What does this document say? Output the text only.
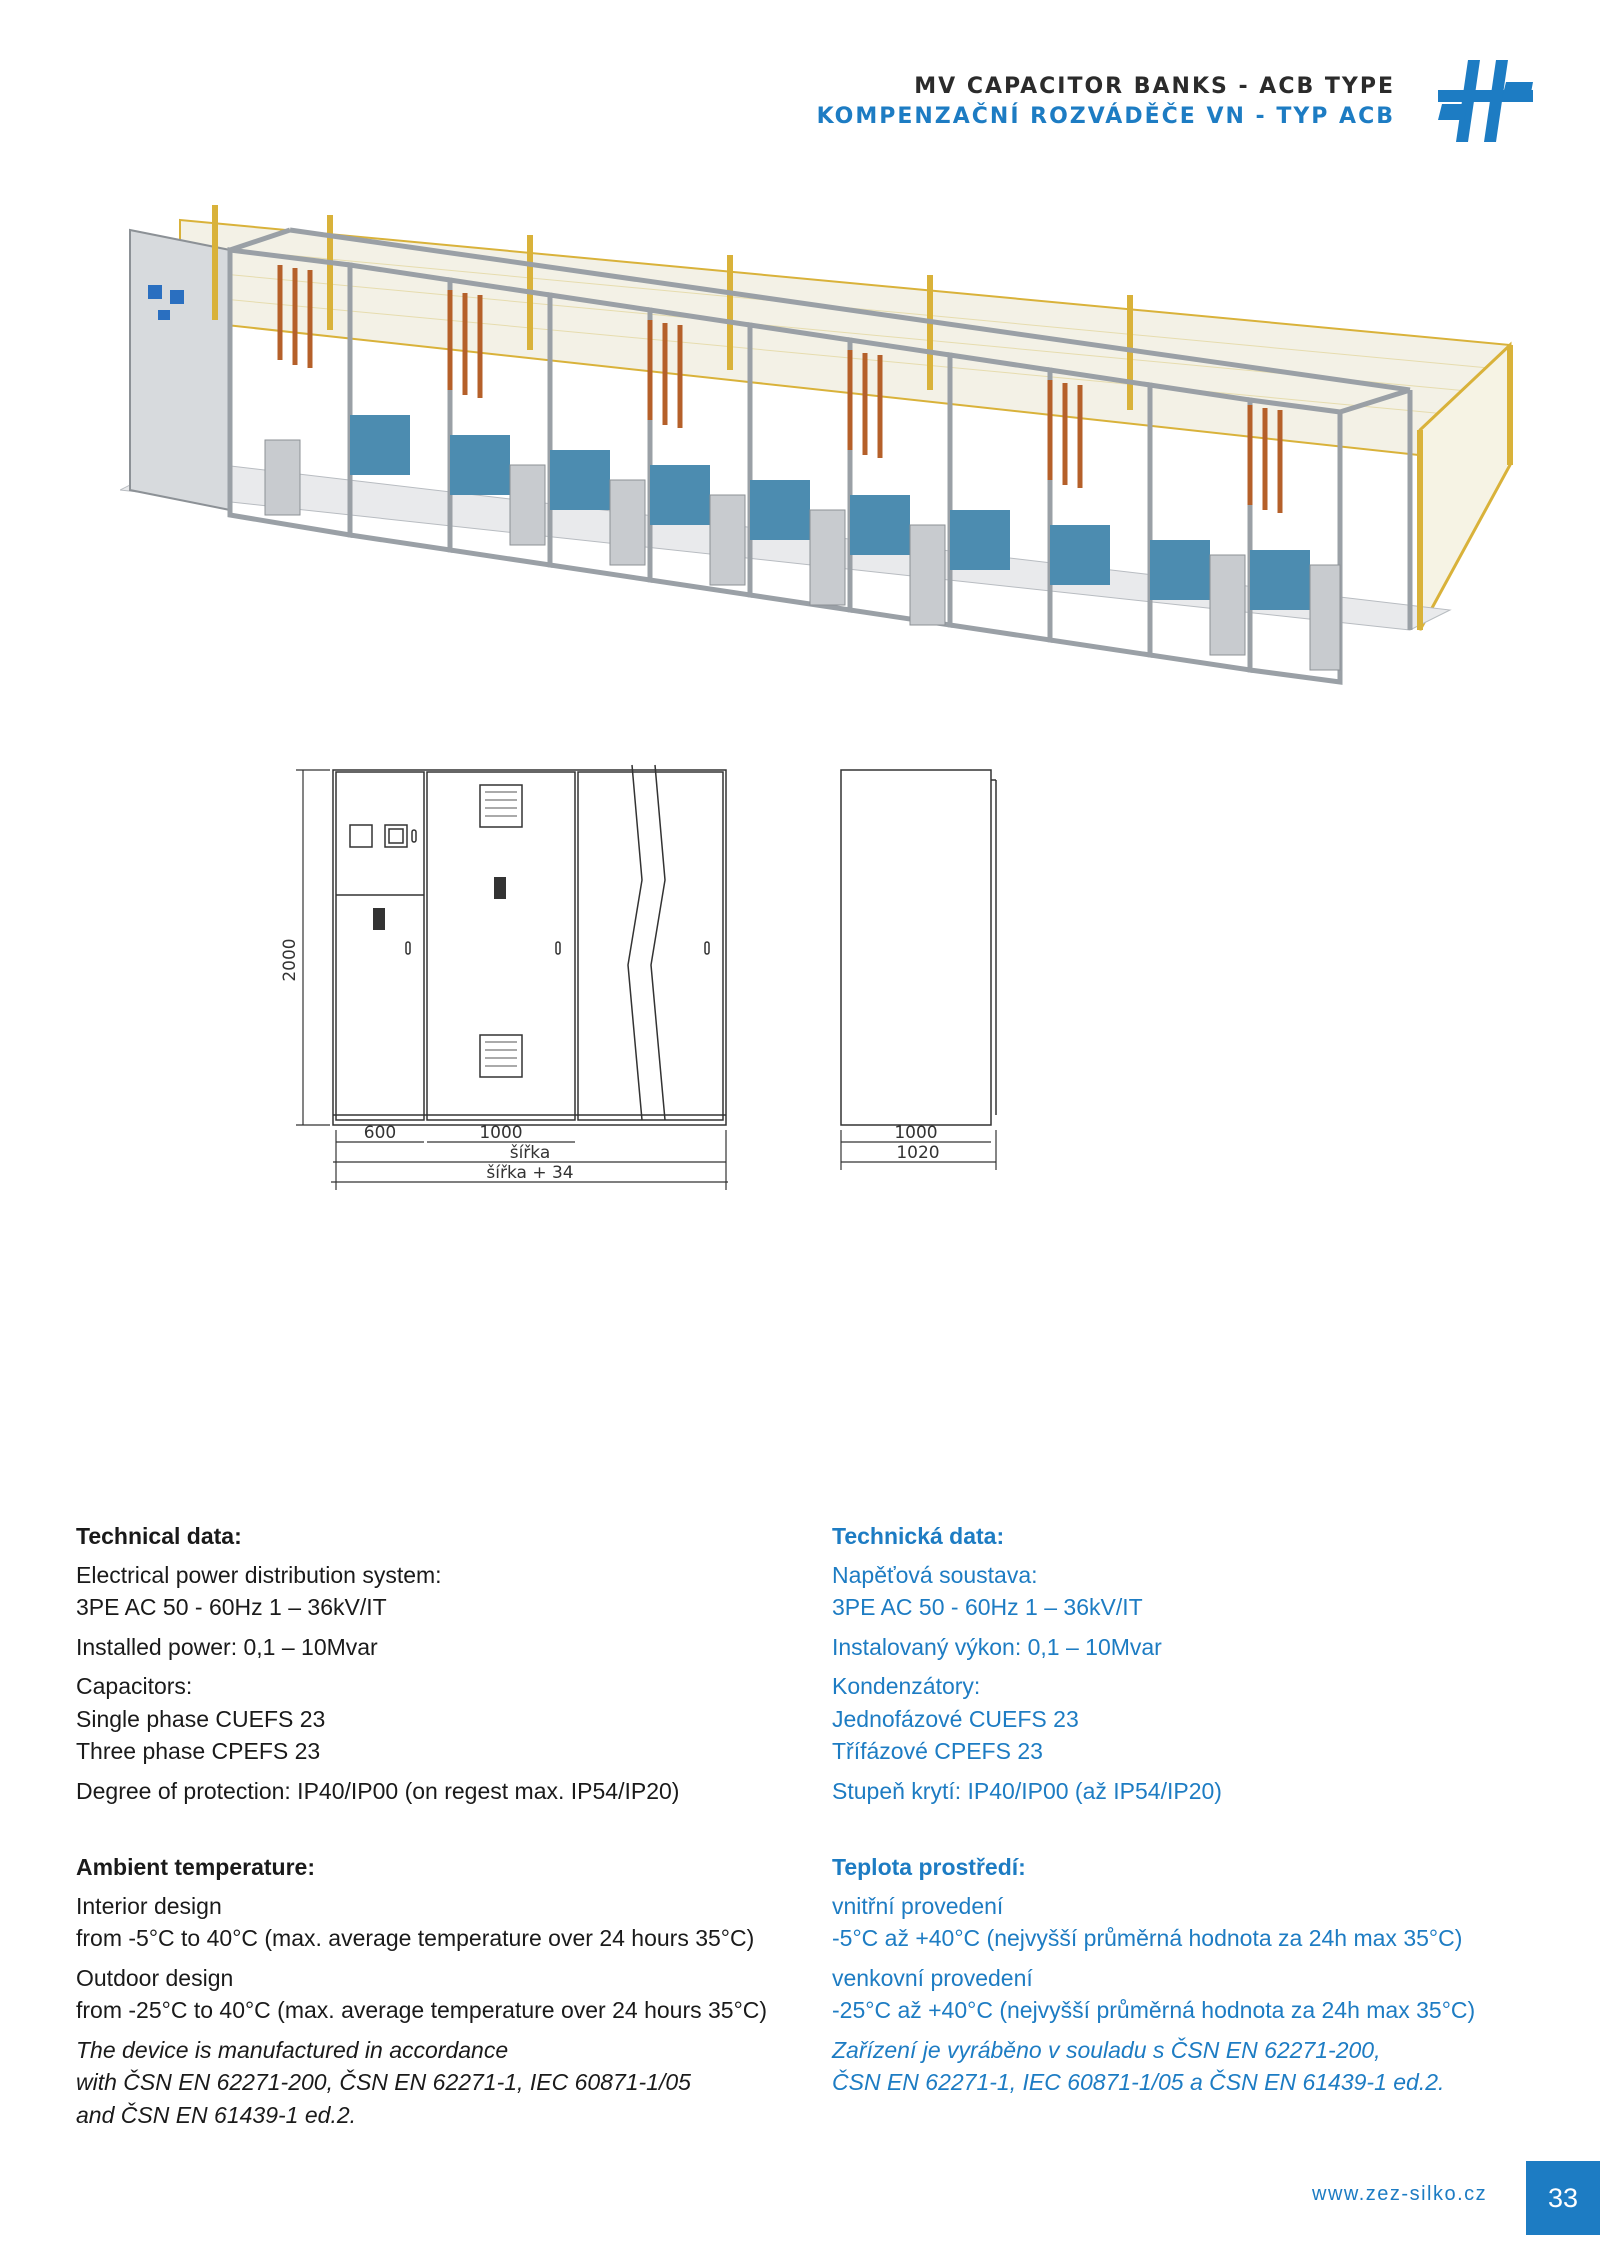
MV CAPACITOR BANKS - ACB TYPE
KOMPENZAČNÍ ROZVÁDĚČE VN - TYP ACB
2000
600	1000
šířka
šířka + 34
1000
1020
Technical data:
Electrical power distribution system:
3PE AC 50 - 60Hz 1 – 36kV/IT
Installed power: 0,1 – 10Mvar
Capacitors:
Single phase CUEFS 23
Three phase CPEFS 23
Degree of protection: IP40/IP00 (on regest max. IP54/IP20)
Ambient temperature:
Interior design
from -5°C to 40°C (max. average temperature over 24 hours 35°C)
Outdoor design
from -25°C to 40°C (max. average temperature over 24 hours 35°C)
The device is manufactured in accordance
with ČSN EN 62271-200, ČSN EN 62271-1, IEC 60871-1/05
and ČSN EN 61439-1 ed.2.
Technická data:
Napěťová soustava:
3PE AC 50 - 60Hz 1 – 36kV/IT
Instalovaný výkon: 0,1 – 10Mvar
Kondenzátory:
Jednofázové CUEFS 23
Třífázové CPEFS 23
Stupeň krytí: IP40/IP00 (až IP54/IP20)
Teplota prostředí:
vnitřní provedení
-5°C až +40°C (nejvyšší průměrná hodnota za 24h max 35°C)
venkovní provedení
-25°C až +40°C (nejvyšší průměrná hodnota za 24h max 35°C)
Zařízení je vyráběno v souladu s ČSN EN 62271-200,
ČSN EN 62271-1, IEC 60871-1/05 a ČSN EN 61439-1 ed.2.
www.zez-silko.cz	33
